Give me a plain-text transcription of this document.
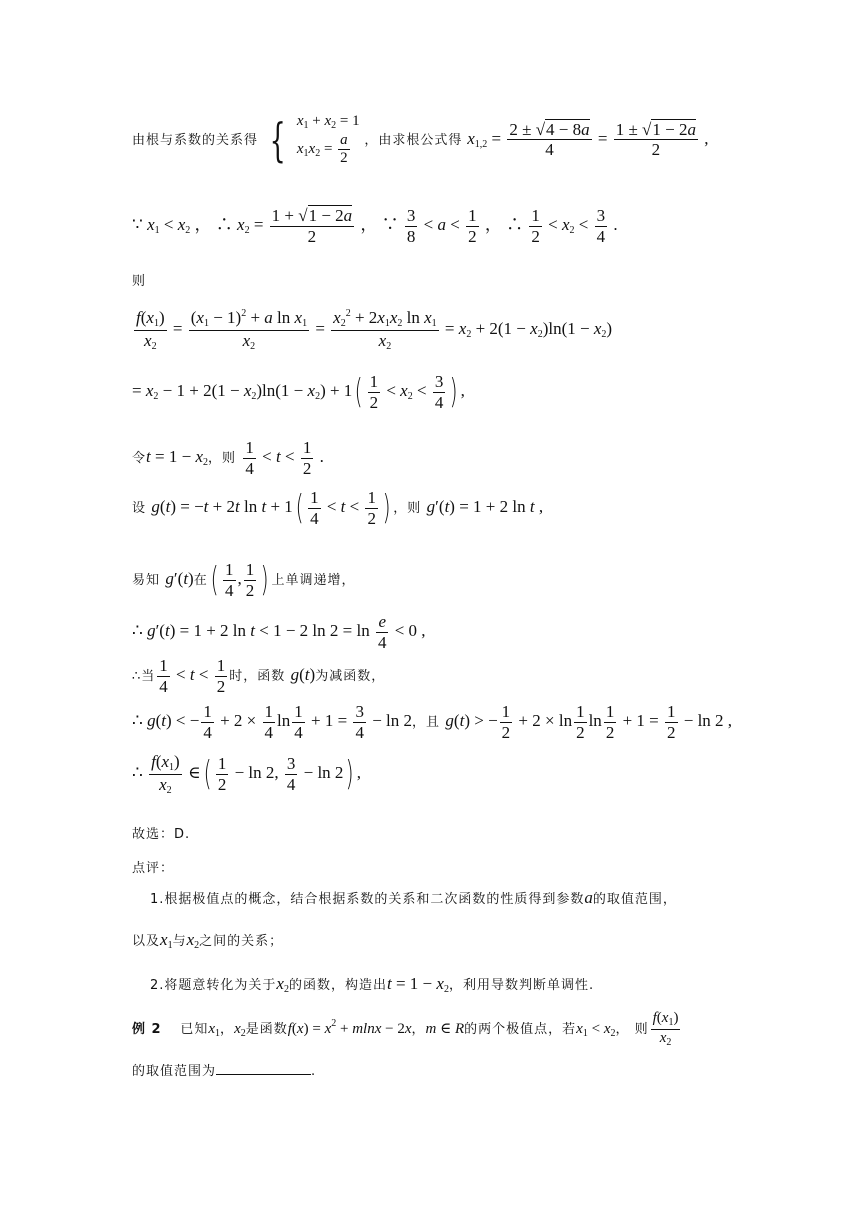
由根与系数的关系得 { $x_1 + x_2 = 1$
$x_1x_2 = \frac{a}{2}$ ，由求根公式得 $x_{1,2} = \frac{2 \pm √4 - 8a}{4} = \frac{1 \pm √1 - 2a}{2}$ ,
∵ $x_1 < x_2$ ， ∴ $x_2 = \frac{1 + √1 - 2a}{2}$ ， ∵ $\frac{3}{8} < a < \frac{1}{2}$ ， ∴ $\frac{1}{2} < x_2 < \frac{3}{4}$ .
则
$\frac{f(x_1)}{x_2} = \frac{(x_1 - 1)^2 + a \ln x_1}{x_2} = \frac{x_2^2 + 2x_1x_2 \ln x_1}{x_2} = x_2 + 2(1 - x_2)\ln(1 - x_2)$
= $x_2 - 1 + 2(1 - x_2)\ln(1 - x_2) + 1( \frac{1}{2} < x_2 < \frac{3}{4}$ ) ,
令$t = 1 - x_2$，则 $\frac{1}{4} < t < \frac{1}{2}$ .
设 g(t) = −t + 2t $\ln t + 1( \frac{1}{4} < t < \frac{1}{2}$ ) ，则 g′(t) = 1 + 2 ln t ,
易知 g′(t)在( $\frac{1}{4}$ , $\frac{1}{2}$ ) 上单调递增，
∴ g′(t) = 1 + 2 ln t < 1 − 2 $\ln 2 = \ln \frac{e}{4} < 0$ ,
∴当 $\frac{1}{4} < t < \frac{1}{2}$ 时，函数 g(t)为减函数，
∴ g(t) < − $\frac{1}{4} + 2 \times \frac{1}{4}$ $\ln \frac{1}{4} + 1 = \frac{3}{4} - \ln 2$，且 g(t) > − $\frac{1}{2} + 2 \times \ln \frac{1}{2}$ $\ln \frac{1}{2} + 1 = \frac{1}{2} - \ln 2$ ,
∴ $\frac{f(x_1)}{x_2}$ ∈( $\frac{1}{2} - \ln 2$, $\frac{3}{4} - \ln 2$) ,
故选：D.
点评：
1.根据极值点的概念，结合根据系数的关系和二次函数的性质得到参数a的取值范围，
以及$x_1$与$x_2$之间的关系；
2.将题意转化为关于$x_2$的函数，构造出$t = 1 - x_2$，利用导数判断单调性.
例 2 已知$x_1$，$x_2$是函数$f(x) = x^2 + mlnx - 2x$，m ∈ R的两个极值点，若$x_1 < x_2$， 则 $\frac{f(x_1)}{x_2}$
的取值范围为	.
